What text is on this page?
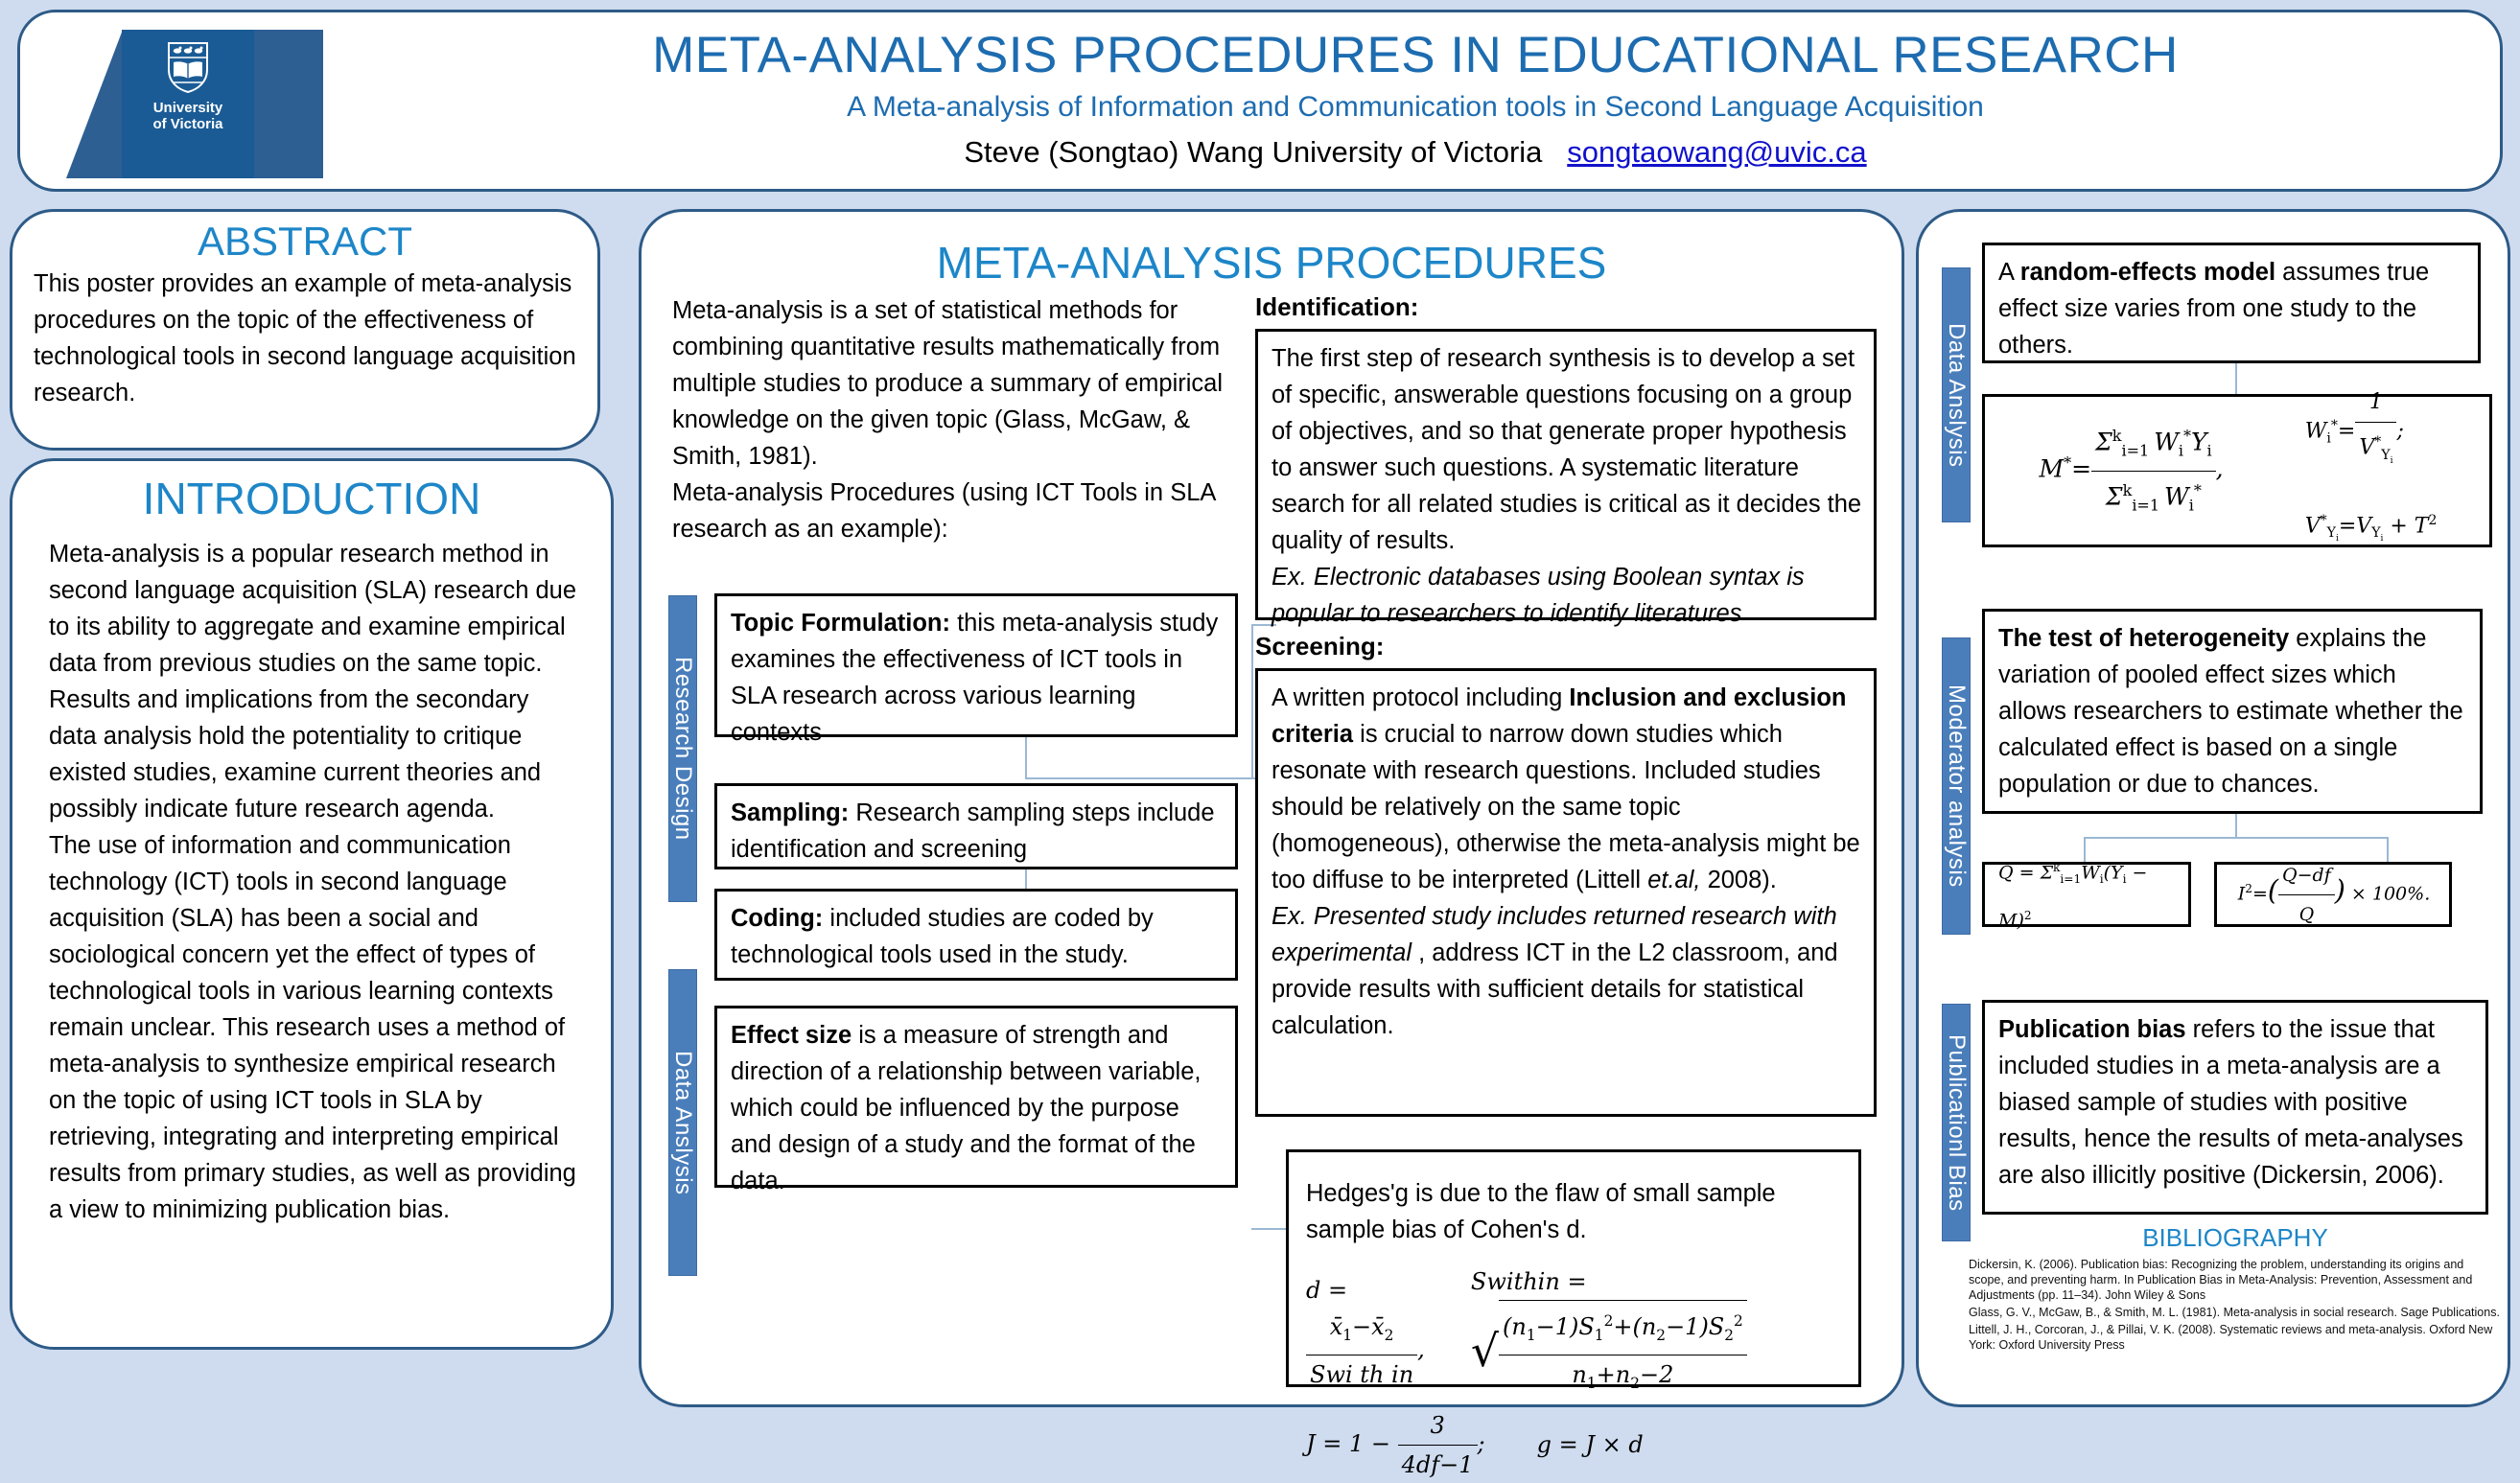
University
of Victoria
META-ANALYSIS PROCEDURES IN EDUCATIONAL RESEARCH
A Meta-analysis of Information and Communication tools in Second Language Acquisition
Steve (Songtao) Wang University of Victoria songtaowang@uvic.ca
ABSTRACT
This poster provides an example of meta-analysis procedures on the topic of the effectiveness of technological tools in second language acquisition research.
INTRODUCTION
Meta-analysis is a popular research method in second language acquisition (SLA) research due to its ability to aggregate and examine empirical data from previous studies on the same topic. Results and implications from the secondary data analysis hold the potentiality to critique existed studies, examine current theories and possibly indicate future research agenda.
The use of information and communication technology (ICT) tools in second language acquisition (SLA) has been a social and sociological concern yet the effect of types of technological tools in various learning contexts remain unclear. This research uses a method of meta-analysis to synthesize empirical research on the topic of using ICT tools in SLA by retrieving, integrating and interpreting empirical results from primary studies, as well as providing a view to minimizing publication bias.
META-ANALYSIS PROCEDURES
Meta-analysis is a set of statistical methods for combining quantitative results mathematically from multiple studies to produce a summary of empirical knowledge on the given topic (Glass, McGaw, & Smith, 1981).
Meta-analysis Procedures (using ICT Tools in SLA research as an example):
Research Design
Data Anslysis
Topic Formulation: this meta-analysis study examines the effectiveness of ICT tools in SLA research across various learning contexts
Sampling: Research sampling steps include identification and screening
Coding: included studies are coded by technological tools used in the study.
Effect size is a measure of strength and direction of a relationship between variable, which could be influenced by the purpose and design of a study and the format of the data.
Identification:
The first step of research synthesis is to develop a set of specific, answerable questions focusing on a group of objectives, and so that generate proper hypothesis to answer such questions. A systematic literature search for all related studies is critical as it decides the quality of results.
Ex. Electronic databases using Boolean syntax is popular to researchers to identify literatures
Screening:
A written protocol including Inclusion and exclusion criteria is crucial to narrow down studies which resonate with research questions. Included studies should be relatively on the same topic (homogeneous), otherwise the meta-analysis might be too diffuse to be interpreted (Littell et.al, 2008).
Ex. Presented study includes returned research with experimental , address ICT in the L2 classroom, and provide results with sufficient details for statistical calculation.
Hedges'g is due to the flaw of small sample sample bias of Cohen's d.
d =
$\frac{x̄_1-x̄_2}{\text{Swi th in}}$ ,
Swithin = √ $\frac{(n_1-1)S_1^2+(n_2-1)S_2^2}{n_1+n_2-2}$
$J = 1 - \frac{3}{4df-1}$ ; g = J × d
Data Anslysis
Moderator analysis
Publicationl Bias
A random-effects model assumes true effect size varies from one study to the others.
$M^*= \frac{\Sigma^k_{i=1} W_i^*Y_i}{\Sigma^k_{i=1} W_i^*}$ ,
$W_i^*= \frac{1}{V^*_{Y_i}}$ ;
$V^*_{Y_i}=V_{Y_i} + T^2$
The test of heterogeneity explains the variation of pooled effect sizes which allows researchers to estimate whether the calculated effect is based on a single population or due to chances.
$Q = \Sigma^k_{i=1}W_i(Y_i - M)^2$
$I^2=( \frac{Q-df}{Q}$ ) × 100%.
Publication bias refers to the issue that included studies in a meta-analysis are a biased sample of studies with positive results, hence the results of meta-analyses are also illicitly positive (Dickersin, 2006).
BIBLIOGRAPHY

Dickersin, K. (2006). Publication bias: Recognizing the problem, understanding its origins and scope, and preventing harm. In Publication Bias in Meta-Analysis: Prevention, Assessment and Adjustments (pp. 11–34). John Wiley & Sons

Glass, G. V., McGaw, B., & Smith, M. L. (1981). Meta-analysis in social research. Sage Publications.

Littell, J. H., Corcoran, J., & Pillai, V. K. (2008). Systematic reviews and meta-analysis. Oxford New York: Oxford University Press
